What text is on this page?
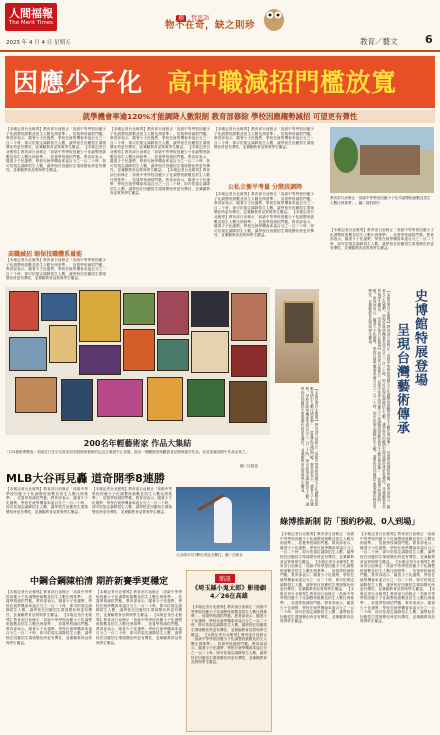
人間福報
The Merit Times
2025 年 4 月 4 日 星期五
禪 哲思語
物不在奇，缺之則珍
教育／藝文	6
因應少子化 高中職減招門檻放寬
就學機會率逾120%才能調降人數限制 教育部修除 學校因應趨勢減招 可望更有彈性
【本報記者台北報導】教育部日前修正「高級中等學校因應少子化調整班級數及招生人數比例基準」，放寬學校減招門檻。教育部表示，隨著少子化趨勢，學校在就學機會率逾百分之一百二十時，即可依規定調降招生人數，讓學校在因應招生環境變化時更有彈性，並兼顧教育品質與學生權益。 【本報記者台北報導】教育部日前修正「高級中等學校因應少子化調整班級數及招生人數比例基準」，放寬學校減招門檻。教育部表示，隨著少子化趨勢，學校在就學機會率逾百分之一百二十時，即可依規定調降招生人數，讓學校在因應招生環境變化時更有彈性，並兼顧教育品質與學生權益。
高職減招 缩保技職體系量能
【本報記者台北報導】教育部日前修正「高級中等學校因應少子化調整班級數及招生人數比例基準」，放寬學校減招門檻。教育部表示，隨著少子化趨勢，學校在就學機會率逾百分之一百二十時，即可依規定調降招生人數，讓學校在因應招生環境變化時更有彈性，並兼顧教育品質與學生權益。
【本報記者台北報導】教育部日前修正「高級中等學校因應少子化調整班級數及招生人數比例基準」，放寬學校減招門檻。教育部表示，隨著少子化趨勢，學校在就學機會率逾百分之一百二十時，即可依規定調降招生人數，讓學校在因應招生環境變化時更有彈性，並兼顧教育品質與學生權益。 【本報記者台北報導】教育部日前修正「高級中等學校因應少子化調整班級數及招生人數比例基準」，放寬學校減招門檻。教育部表示，隨著少子化趨勢，學校在就學機會率逾百分之一百二十時，即可依規定調降招生人數，讓學校在因應招生環境變化時更有彈性，並兼顧教育品質與學生權益。 【本報記者台北報導】教育部日前修正「高級中等學校因應少子化調整班級數及招生人數比例基準」，放寬學校減招門檻。教育部表示，隨著少子化趨勢，學校在就學機會率逾百分之一百二十時，即可依規定調降招生人數，讓學校在因應招生環境變化時更有彈性，並兼顧教育品質與學生權益。
【本報記者台北報導】教育部日前修正「高級中等學校因應少子化調整班級數及招生人數比例基準」，放寬學校減招門檻。教育部表示，隨著少子化趨勢，學校在就學機會率逾百分之一百二十時，即可依規定調降招生人數，讓學校在因應招生環境變化時更有彈性，並兼顧教育品質與學生權益。
公私立衡平考量 分階段調降
【本報記者台北報導】教育部日前修正「高級中等學校因應少子化調整班級數及招生人數比例基準」，放寬學校減招門檻。教育部表示，隨著少子化趨勢，學校在就學機會率逾百分之一百二十時，即可依規定調降招生人數，讓學校在因應招生環境變化時更有彈性，並兼顧教育品質與學生權益。 【本報記者台北報導】教育部日前修正「高級中等學校因應少子化調整班級數及招生人數比例基準」，放寬學校減招門檻。教育部表示，隨著少子化趨勢，學校在就學機會率逾百分之一百二十時，即可依規定調降招生人數，讓學校在因應招生環境變化時更有彈性，並兼顧教育品質與學生權益。
教育部日前修正「高級中等學校因應少子化代調整班級數及招生人數比例基準」。圖／資料照片
【本報記者台北報導】教育部日前修正「高級中等學校因應少子化調整班級數及招生人數比例基準」，放寬學校減招門檻。教育部表示，隨著少子化趨勢，學校在就學機會率逾百分之一百二十時，即可依規定調降招生人數，讓學校在因應招生環境變化時更有彈性，並兼顧教育品質與學生權益。
200名年輕藝術家 作品大集結
「125藝術博覽會」預展近日在宗友府亞府高展館的藝術的記念主義展中心登場，展為一個觀展者與觀賞者記錄與創作作品。在這是讓前期中作品出來之。
圖／沈昭廷
史博館特展登場
呈現台灣藝術傳承
【本報記者台北報導】教育部日前修正「高級中等學校因應少子化調整班級數及招生人數比例基準」，放寬學校減招門檻。教育部表示，隨著少子化趨勢，學校在就學機會率逾百分之一百二十時，即可依規定調降招生人數，讓學校在因應招生環境變化時更有彈性，並兼顧教育品質與學生權益。 【本報記者台北報導】教育部日前修正「高級中等學校因應少子化調整班級數及招生人數比例基準」，放寬學校減招門檻。教育部表示，隨著少子化趨勢，學校在就學機會率逾百分之一百二十時，即可依規定調降招生人數，讓學校在因應招生環境變化時更有彈性，並兼顧教育品質與學生權益。
【本報記者台北報導】教育部日前修正「高級中等學校因應少子化調整班級數及招生人數比例基準」，放寬學校減招門檻。教育部表示，隨著少子化趨勢，學校在就學機會率逾百分之一百二十時，即可依規定調降招生人數，讓學校在因應招生環境變化時更有彈性，並兼顧教育品質與學生權益。
MLB大谷再見轟 道奇開季8連勝
【本報記者台北報導】教育部日前修正「高級中等學校因應少子化調整班級數及招生人數比例基準」，放寬學校減招門檻。教育部表示，隨著少子化趨勢，學校在就學機會率逾百分之一百二十時，即可依規定調降招生人數，讓學校在因應招生環境變化時更有彈性，並兼顧教育品質與學生權益。
【本報記者台北報導】教育部日前修正「高級中等學校因應少子化調整班級數及招生人數比例基準」，放寬學校減招門檻。教育部表示，隨著少子化趨勢，學校在就學機會率逾百分之一百二十時，即可依規定調降招生人數，讓學校在因應招生環境變化時更有彈性，並兼顧教育品質與學生權益。
大谷翔平3日擊出再見全壘打。圖／法新社
中鋼合鋼陳柏清 期許新賽季更穩定
【本報記者台北報導】教育部日前修正「高級中等學校因應少子化調整班級數及招生人數比例基準」，放寬學校減招門檻。教育部表示，隨著少子化趨勢，學校在就學機會率逾百分之一百二十時，即可依規定調降招生人數，讓學校在因應招生環境變化時更有彈性，並兼顧教育品質與學生權益。 【本報記者台北報導】教育部日前修正「高級中等學校因應少子化調整班級數及招生人數比例基準」，放寬學校減招門檻。教育部表示，隨著少子化趨勢，學校在就學機會率逾百分之一百二十時，即可依規定調降招生人數，讓學校在因應招生環境變化時更有彈性，並兼顧教育品質與學生權益。
【本報記者台北報導】教育部日前修正「高級中等學校因應少子化調整班級數及招生人數比例基準」，放寬學校減招門檻。教育部表示，隨著少子化趨勢，學校在就學機會率逾百分之一百二十時，即可依規定調降招生人數，讓學校在因應招生環境變化時更有彈性，並兼顧教育品質與學生權益。 【本報記者台北報導】教育部日前修正「高級中等學校因應少子化調整班級數及招生人數比例基準」，放寬學校減招門檻。教育部表示，隨著少子化趨勢，學校在就學機會率逾百分之一百二十時，即可依規定調降招生人數，讓學校在因應招生環境變化時更有彈性，並兼顧教育品質與學生權益。
簡訊
《埼玉縣小鬼太郎》影冊劇4／26在高雄
【本報記者台北報導】教育部日前修正「高級中等學校因應少子化調整班級數及招生人數比例基準」，放寬學校減招門檻。教育部表示，隨著少子化趨勢，學校在就學機會率逾百分之一百二十時，即可依規定調降招生人數，讓學校在因應招生環境變化時更有彈性，並兼顧教育品質與學生權益。 【本報記者台北報導】教育部日前修正「高級中等學校因應少子化調整班級數及招生人數比例基準」，放寬學校減招門檻。教育部表示，隨著少子化趨勢，學校在就學機會率逾百分之一百二十時，即可依規定調降招生人數，讓學校在因應招生環境變化時更有彈性，並兼顧教育品質與學生權益。
綠博推新制 防「預約秒殺、0人到場」
【本報記者台北報導】教育部日前修正「高級中等學校因應少子化調整班級數及招生人數比例基準」，放寬學校減招門檻。教育部表示，隨著少子化趨勢，學校在就學機會率逾百分之一百二十時，即可依規定調降招生人數，讓學校在因應招生環境變化時更有彈性，並兼顧教育品質與學生權益。 【本報記者台北報導】教育部日前修正「高級中等學校因應少子化調整班級數及招生人數比例基準」，放寬學校減招門檻。教育部表示，隨著少子化趨勢，學校在就學機會率逾百分之一百二十時，即可依規定調降招生人數，讓學校在因應招生環境變化時更有彈性，並兼顧教育品質與學生權益。 【本報記者台北報導】教育部日前修正「高級中等學校因應少子化調整班級數及招生人數比例基準」，放寬學校減招門檻。教育部表示，隨著少子化趨勢，學校在就學機會率逾百分之一百二十時，即可依規定調降招生人數，讓學校在因應招生環境變化時更有彈性，並兼顧教育品質與學生權益。
【本報記者台北報導】教育部日前修正「高級中等學校因應少子化調整班級數及招生人數比例基準」，放寬學校減招門檻。教育部表示，隨著少子化趨勢，學校在就學機會率逾百分之一百二十時，即可依規定調降招生人數，讓學校在因應招生環境變化時更有彈性，並兼顧教育品質與學生權益。 【本報記者台北報導】教育部日前修正「高級中等學校因應少子化調整班級數及招生人數比例基準」，放寬學校減招門檻。教育部表示，隨著少子化趨勢，學校在就學機會率逾百分之一百二十時，即可依規定調降招生人數，讓學校在因應招生環境變化時更有彈性，並兼顧教育品質與學生權益。 【本報記者台北報導】教育部日前修正「高級中等學校因應少子化調整班級數及招生人數比例基準」，放寬學校減招門檻。教育部表示，隨著少子化趨勢，學校在就學機會率逾百分之一百二十時，即可依規定調降招生人數，讓學校在因應招生環境變化時更有彈性，並兼顧教育品質與學生權益。
